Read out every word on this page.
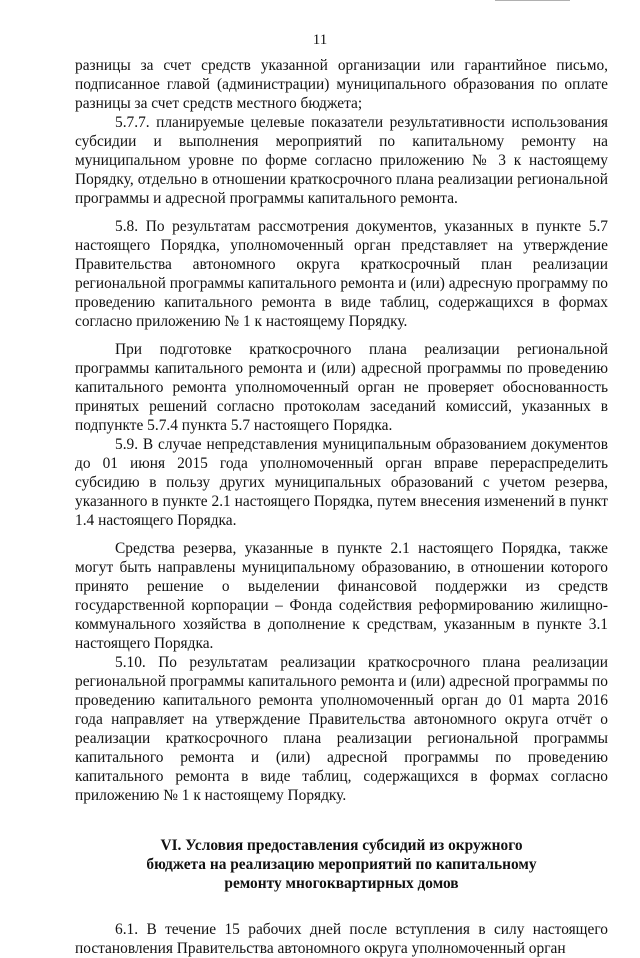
11

разницы за счет средств указанной организации или гарантийное письмо, подписанное главой (администрации) муниципального образования по оплате разницы за счет средств местного бюджета;

5.7.7. планируемые целевые показатели результативности использования субсидии и выполнения мероприятий по капитальному ремонту на муниципальном уровне по форме согласно приложению № 3 к настоящему Порядку, отдельно в отношении краткосрочного плана реализации региональной программы и адресной программы капитального ремонта.

5.8. По результатам рассмотрения документов, указанных в пункте 5.7 настоящего Порядка, уполномоченный орган представляет на утверждение Правительства автономного округа краткосрочный план реализации региональной программы капитального ремонта и (или) адресную программу по проведению капитального ремонта в виде таблиц, содержащихся в формах согласно приложению № 1 к настоящему Порядку.

При подготовке краткосрочного плана реализации региональной программы капитального ремонта и (или) адресной программы по проведению капитального ремонта уполномоченный орган не проверяет обоснованность принятых решений согласно протоколам заседаний комиссий, указанных в подпункте 5.7.4 пункта 5.7 настоящего Порядка.

5.9. В случае непредставления муниципальным образованием документов до 01 июня 2015 года уполномоченный орган вправе перераспределить субсидию в пользу других муниципальных образований с учетом резерва, указанного в пункте 2.1 настоящего Порядка, путем внесения изменений в пункт 1.4 настоящего Порядка.

Средства резерва, указанные в пункте 2.1 настоящего Порядка, также могут быть направлены муниципальному образованию, в отношении которого принято решение о выделении финансовой поддержки из средств государственной корпорации – Фонда содействия реформированию жилищно-коммунального хозяйства в дополнение к средствам, указанным в пункте 3.1 настоящего Порядка.

5.10. По результатам реализации краткосрочного плана реализации региональной программы капитального ремонта и (или) адресной программы по проведению капитального ремонта уполномоченный орган до 01 марта 2016 года направляет на утверждение Правительства автономного округа отчёт о реализации краткосрочного плана реализации региональной программы капитального ремонта и (или) адресной программы по проведению капитального ремонта в виде таблиц, содержащихся в формах согласно приложению № 1 к настоящему Порядку.

VI. Условия предоставления субсидий из окружного
бюджета на реализацию мероприятий по капитальному
ремонту многоквартирных домов

6.1. В течение 15 рабочих дней после вступления в силу настоящего постановления Правительства автономного округа уполномоченный орган
